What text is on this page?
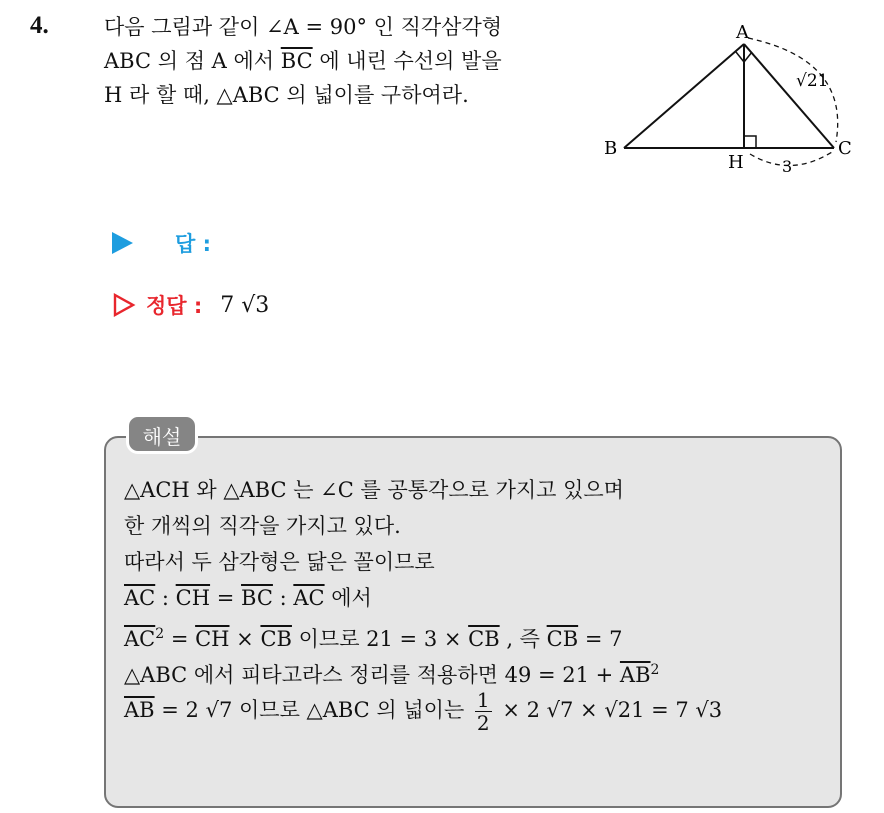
4.	다음 그림과 같이 ∠A = 90° 인 직각삼각형
ABC 의 점 A 에서 $\overline{BC}$ 에 내린 수선의 발을
H 라 할 때, △ABC 의 넓이를 구하여라.
A
B	C
H
√21
3
답 :
정답 : 7 √3
해설
△ACH 와 △ABC 는 ∠C 를 공통각으로 가지고 있으며
한 개씩의 직각을 가지고 있다.
따라서 두 삼각형은 닮은 꼴이므로
$\overline{AC}$ : $\overline{CH} = \overline{BC}$ : $\overline{AC}$ 에서
$\overline{AC}^2 = \overline{CH} \times \overline{CB}$ 이므로 $21 = 3 \times \overline{CB}$ , 즉 $\overline{CB} = 7$
△ABC 에서 피타고라스 정리를 적용하면 $49 = 21 + \overline{AB}^2$
$\overline{AB} = 2$ √7 이므로 △ABC 의 넓이는 $\frac{1}{2} \times 2$ √7 × √21 = 7 √3
